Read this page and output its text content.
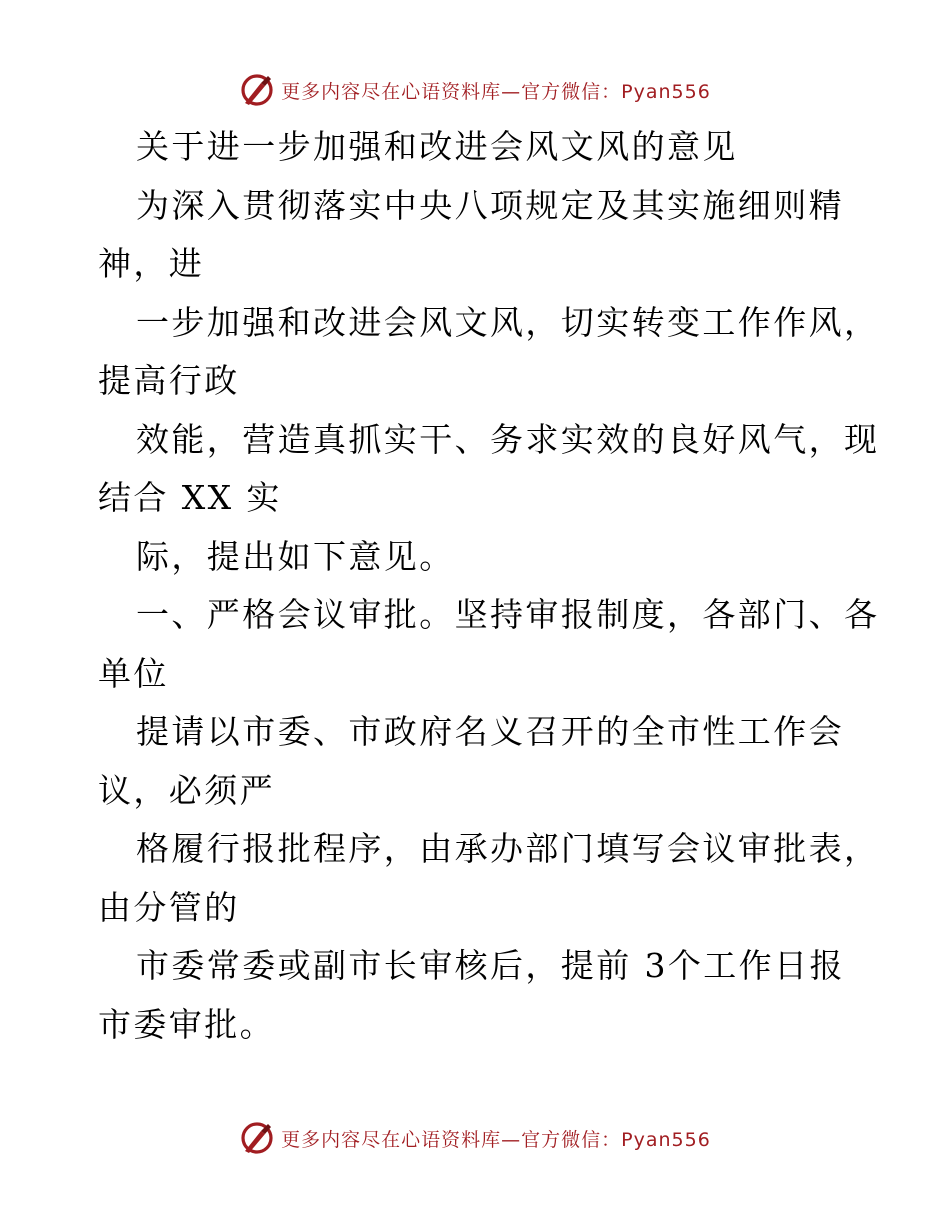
更多内容尽在心语资料库—官方微信：Pyan556
关于进一步加强和改进会风文风的意见
为深入贯彻落实中央八项规定及其实施细则精
神，进
一步加强和改进会风文风，切实转变工作作风，
提高行政
效能，营造真抓实干、务求实效的良好风气，现
结合 XX 实
际，提出如下意见。
一、严格会议审批。坚持审报制度，各部门、各
单位
提请以市委、市政府名义召开的全市性工作会
议，必须严
格履行报批程序，由承办部门填写会议审批表，
由分管的
市委常委或副市长审核后，提前 3个工作日报
市委审批。
更多内容尽在心语资料库—官方微信：Pyan556
